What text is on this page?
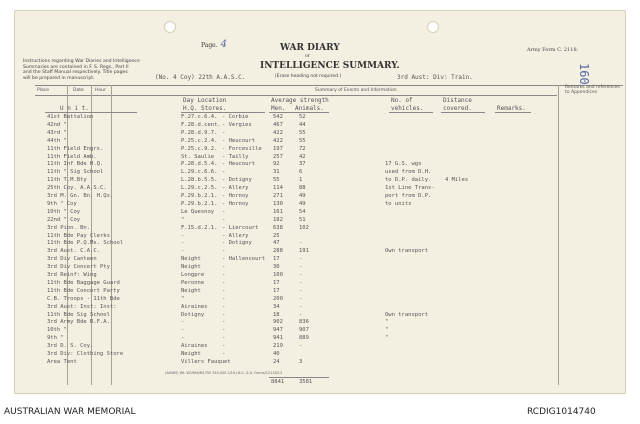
Instructions regarding War Diaries and Intelligence
Summaries are contained in F. S. Regs., Part II
and the Staff Manual respectively. Title pages
will be prepared in manuscript.
Page. 4	WAR DIARY
or
INTELLIGENCE SUMMARY.
(Erase heading not required.)
Army Form C. 2118.
160
(No. 4 Coy) 22th A.A.S.C.	3rd Aust: Div: Train.
Place	Date Hour	Summary of Events and Information
Remarks and references to Appendices
Day Location	Average strength	No. of	Distance
U n i t.	H.Q. Stores.	Men. Animals.	vehicles.	covered.	Remarks.
41st Battalion	F.27.c.6.4. - Corbie	542	52
42nd "	F.28.d.cent. - Vergies	467	44
43rd "	P.28.d.9.7. -	422	55
44th "	P.25.c.2.4. - Heucourt	422	55
11th Field Engrs.	P.25.c.9.2. - Forceville 197	72
11th Field Amb.	St. Saulie - Tailly	257	42
11th Inf Bde H.Q.	P.28.d.5.4. - Heucourt	92	37	17 G.S. wgs
11th " Sig School	L.29.c.6.6. -	31	6	used from D.H.
11th T.M.Bty	L.28.b.5.5. - Dotigny	55	1	to D.P. daily. 4 Miles
25th Coy. A.A.S.C.	L.29.c.2.5. - Allery	114	88	1st Line Trans-
3rd M. Gn. Bn. H.Qs.	P.29.b.2.1. - Hornoy	271	49	port from D.P.
9th " Coy	P.29.b.2.1. - Hornoy	130	49	to units
10th " Coy	Le Quesnoy -	161	54
22nd " Coy	"	-	182	51
3rd Pion. Bn.	F.15.d.2.1. - Liercourt	638	102
11th Bde Pay Clerks	-	- Allery	25
11th Bde P.Q.Ms. School	-	- Dotigny	47	-
3rd Aust. C.A.C.	-	-	288	191	Own transport
3rd Div Canteen	Neight	- Hallencourt 17	-
3rd Div Concert Pty	Neight	-	30	-
3rd Reinf: Wing	Longpre	-	100	-
11th Bde Baggage Guard	Peronne	-	17	-
11th Bde Concert Party	Neight	-	17	-
C.B. Troops - 11th Bde	"	-	200	-
3rd Aust: Inst: Inst:	Airaines	-	34	-
11th Bde Sig School	Dotigny	-	18	-	Own transport
3rd Army Bde R.F.A.	-	-	902	836	"
10th "	-	-	947	907	"
9th "	-	-	941	889	"
3rd D. S. Coy.	Airaines	-	219	-
3rd Div: Clothing Store	Neight	-	40
Area Tent	Villers Fauquet	24	3
8841	3581
(A6485) Wt. W1906/M1700 350,000 2/16 J.B.C. & A. Forms/C2118/13
AUSTRALIAN WAR MEMORIAL	RCDIG1014740
